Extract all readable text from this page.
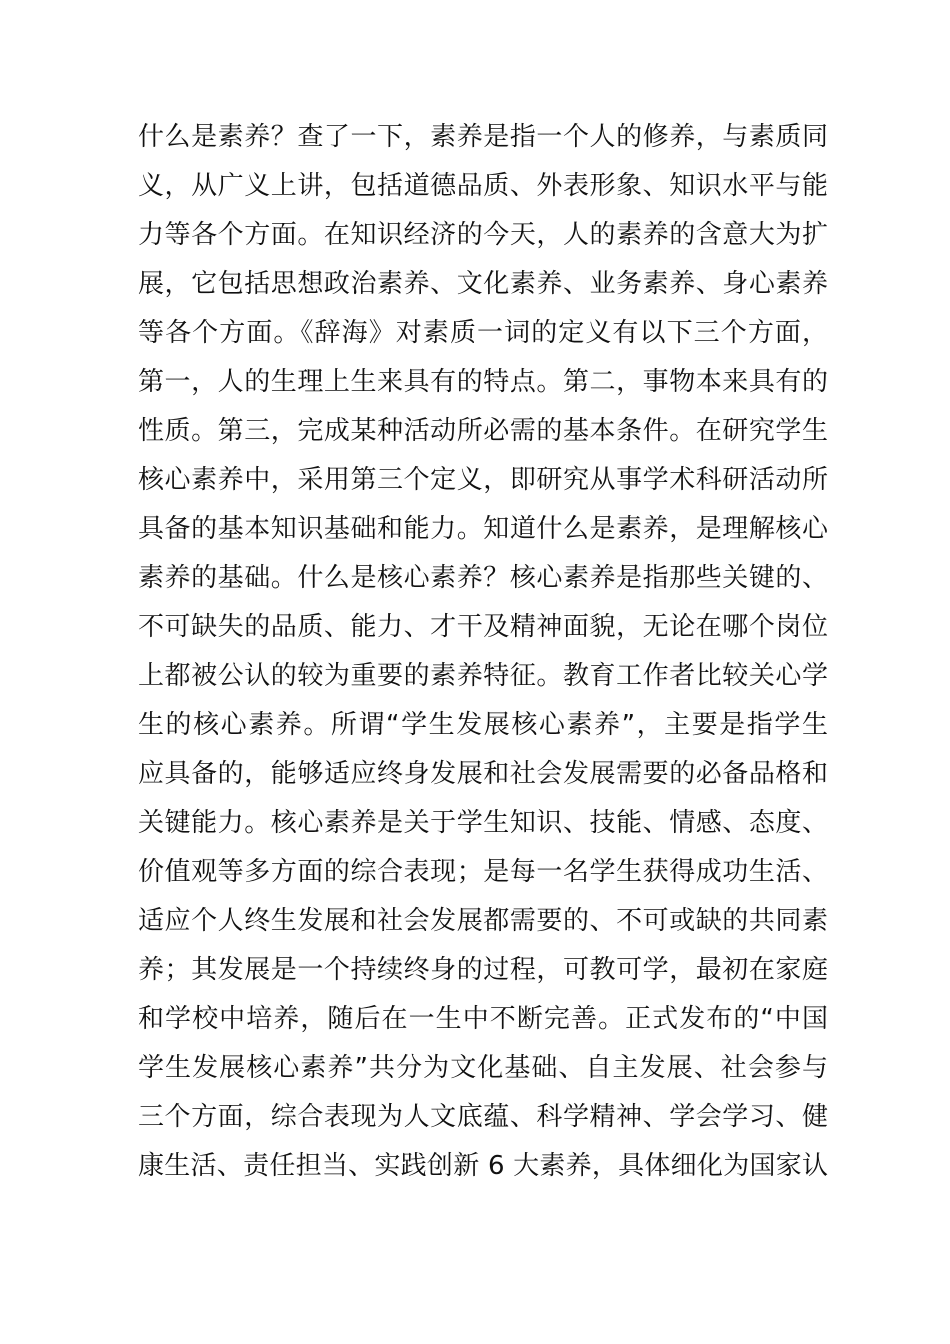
什么是素养？查了一下，素养是指一个人的修养，与素质同
义，从广义上讲，包括道德品质、外表形象、知识水平与能
力等各个方面。在知识经济的今天，人的素养的含意大为扩
展，它包括思想政治素养、文化素养、业务素养、身心素养
等各个方面。《辞海》对素质一词的定义有以下三个方面，
第一，人的生理上生来具有的特点。第二，事物本来具有的
性质。第三，完成某种活动所必需的基本条件。在研究学生
核心素养中，采用第三个定义，即研究从事学术科研活动所
具备的基本知识基础和能力。知道什么是素养，是理解核心
素养的基础。什么是核心素养？核心素养是指那些关键的、
不可缺失的品质、能力、才干及精神面貌，无论在哪个岗位
上都被公认的较为重要的素养特征。教育工作者比较关心学
生的核心素养。所谓“学生发展核心素养”，主要是指学生
应具备的，能够适应终身发展和社会发展需要的必备品格和
关键能力。核心素养是关于学生知识、技能、情感、态度、
价值观等多方面的综合表现；是每一名学生获得成功生活、
适应个人终生发展和社会发展都需要的、不可或缺的共同素
养；其发展是一个持续终身的过程，可教可学，最初在家庭
和学校中培养，随后在一生中不断完善。正式发布的“中国
学生发展核心素养”共分为文化基础、自主发展、社会参与
三个方面，综合表现为人文底蕴、科学精神、学会学习、健
康生活、责任担当、实践创新 6 大素养，具体细化为国家认
